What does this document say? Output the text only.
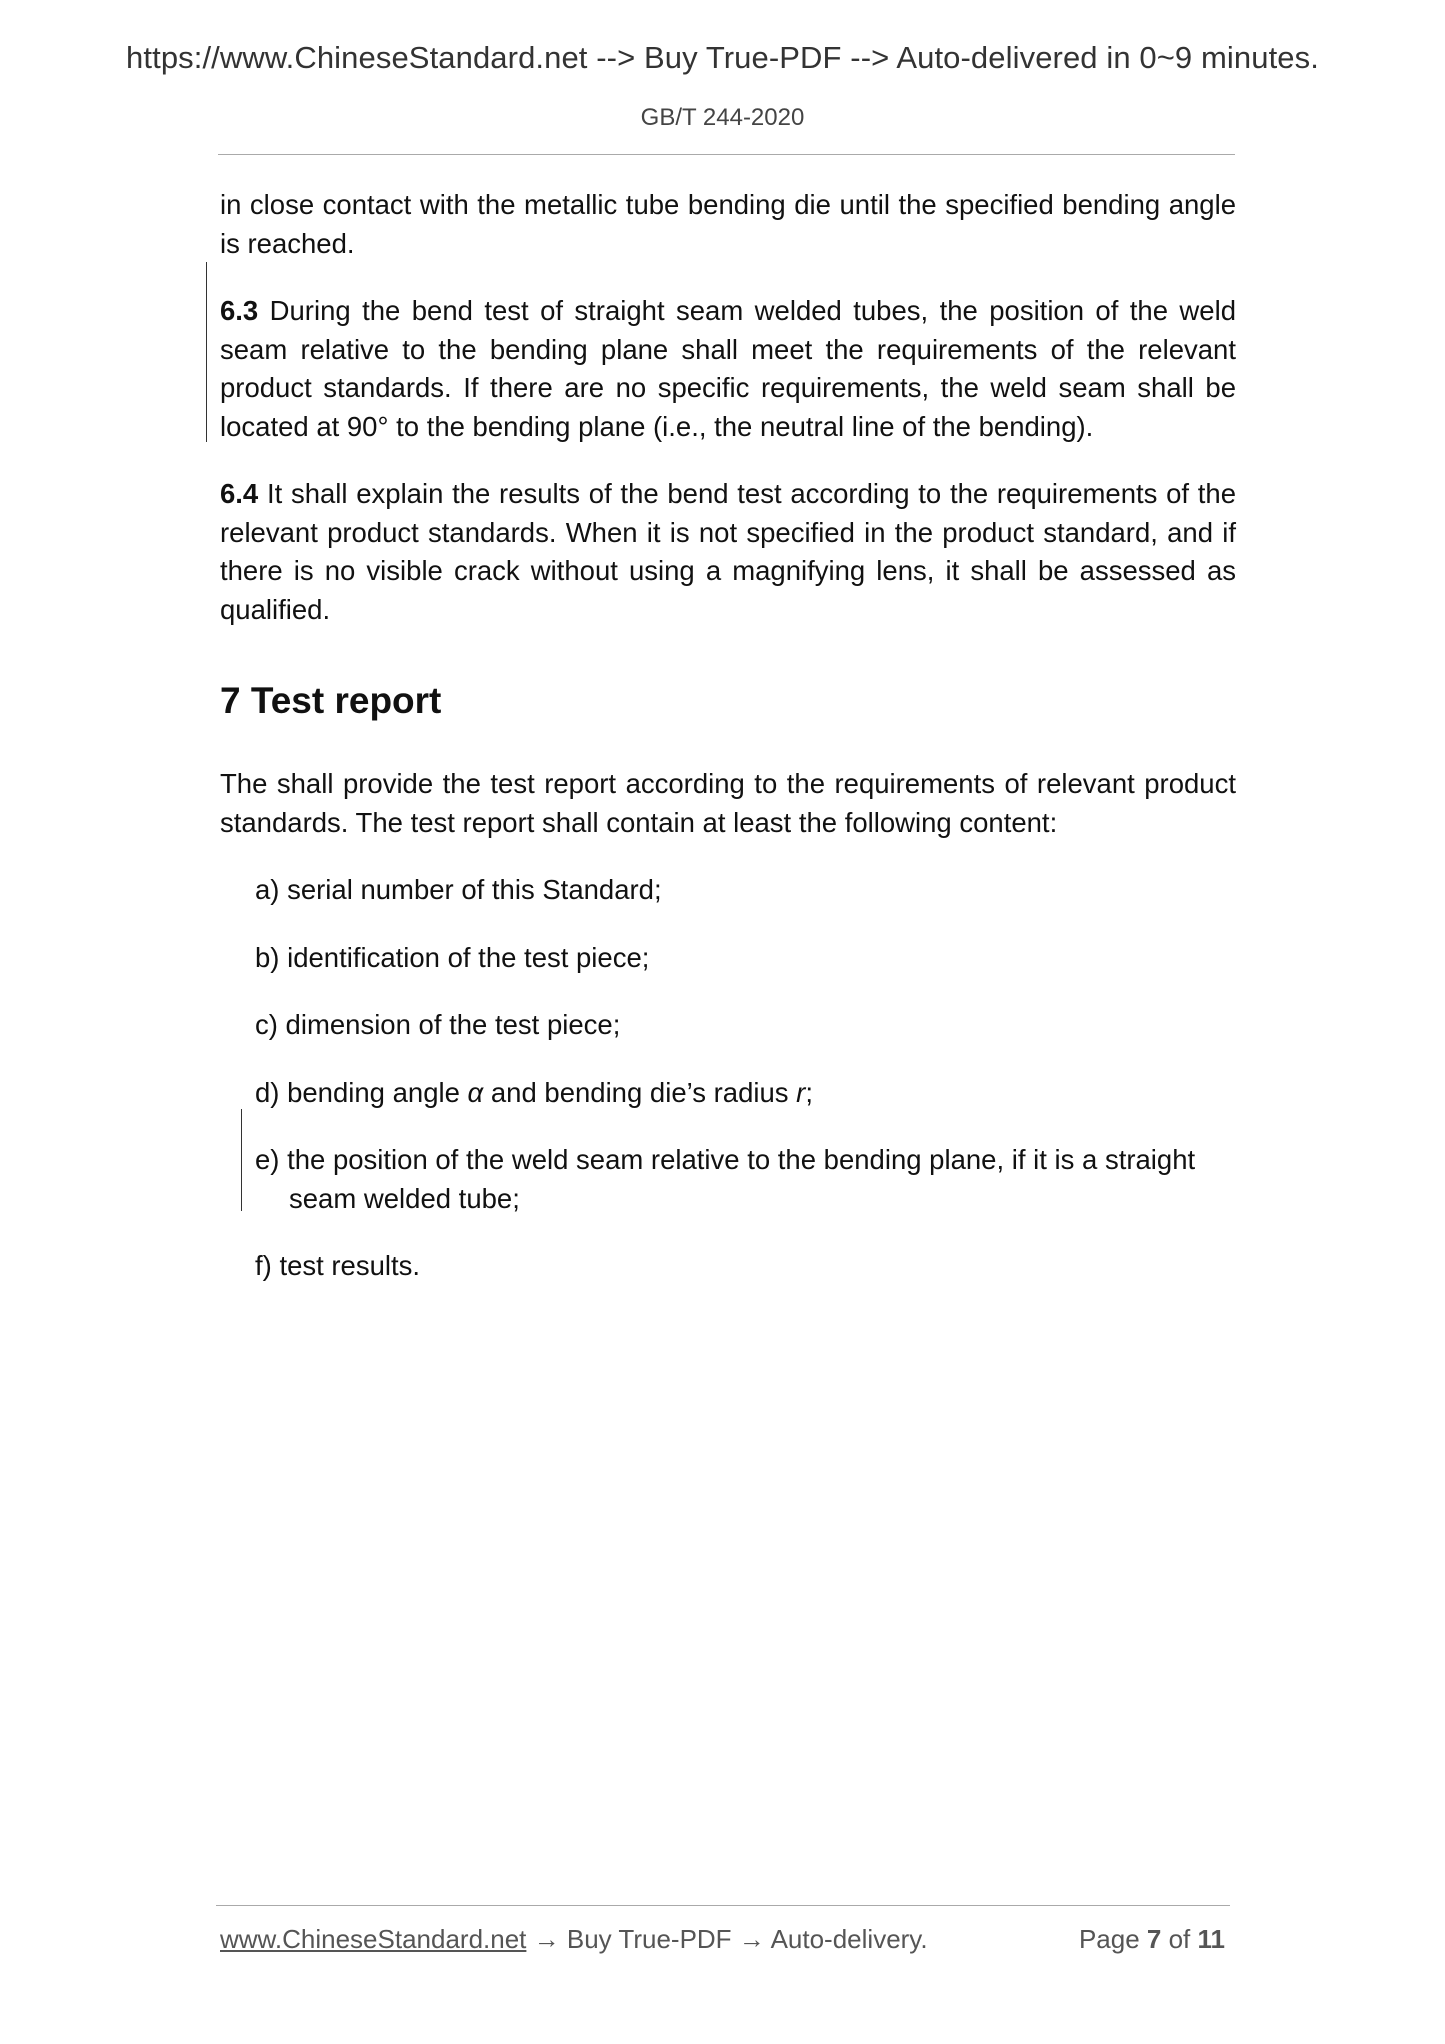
https://www.ChineseStandard.net --> Buy True-PDF --> Auto-delivered in 0~9 minutes.
GB/T 244-2020

in close contact with the metallic tube bending die until the specified bending angle is reached.

6.3 During the bend test of straight seam welded tubes, the position of the weld seam relative to the bending plane shall meet the requirements of the relevant product standards. If there are no specific requirements, the weld seam shall be located at 90° to the bending plane (i.e., the neutral line of the bending).

6.4 It shall explain the results of the bend test according to the requirements of the relevant product standards. When it is not specified in the product standard, and if there is no visible crack without using a magnifying lens, it shall be assessed as qualified.

7 Test report

The shall provide the test report according to the requirements of relevant product standards. The test report shall contain at least the following content:

a) serial number of this Standard;
b) identification of the test piece;
c) dimension of the test piece;
d) bending angle α and bending die’s radius r;
e) the position of the weld seam relative to the bending plane, if it is a straight seam welded tube;
f) test results.
www.ChineseStandard.net → Buy True-PDF → Auto-delivery.	Page 7 of 11
